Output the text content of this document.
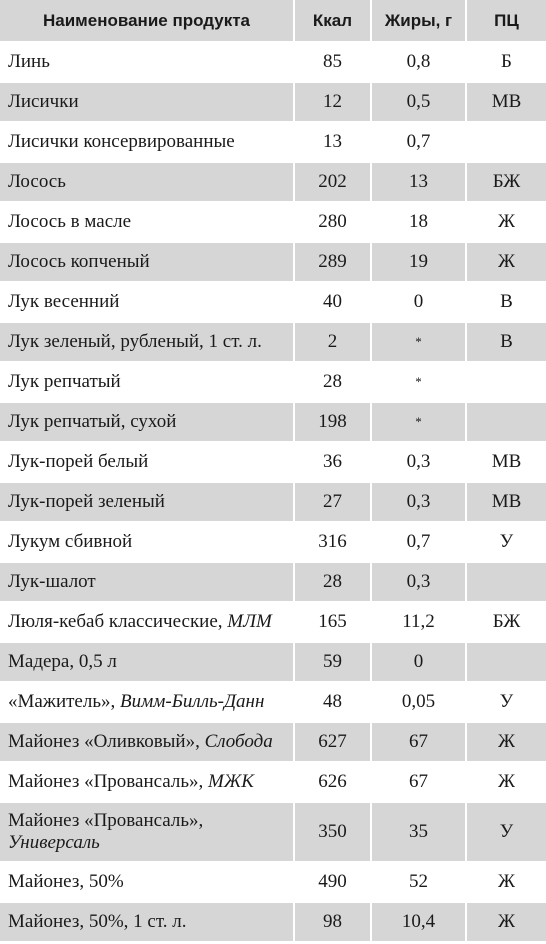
Наименование продукта	Ккал	Жиры, г	ПЦ
Линь	85	0,8	Б
Лисички	12	0,5	МВ
Лисички консервированные	13	0,7	
Лосось	202	13	БЖ
Лосось в масле	280	18	Ж
Лосось копченый	289	19	Ж
Лук весенний	40	0	В
Лук зеленый, рубленый, 1 ст. л.	2	*	В
Лук репчатый	28	*	
Лук репчатый, сухой	198	*	
Лук-порей белый	36	0,3	МВ
Лук-порей зеленый	27	0,3	МВ
Лукум сбивной	316	0,7	У
Лук-шалот	28	0,3	
Люля-кебаб классические, МЛМ	165	11,2	БЖ
Мадера, 0,5 л	59	0	
«Мажитель», Вимм-Билль-Данн	48	0,05	У
Майонез «Оливковый», Слобода	627	67	Ж
Майонез «Провансаль», МЖК	626	67	Ж
Майонез «Провансаль»,
Универсаль	350	35	У
Майонез, 50%	490	52	Ж
Майонез, 50%, 1 ст. л.	98	10,4	Ж
